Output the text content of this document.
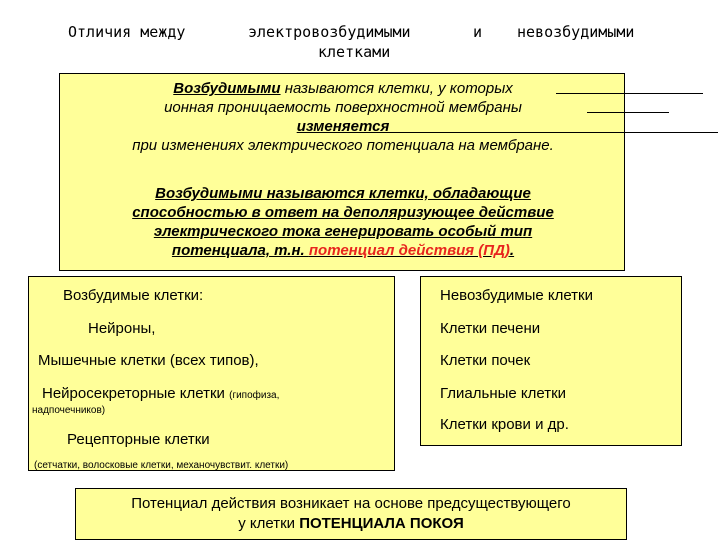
Отличия между	электровозбудимыми
клетками
и невозбудимыми
Возбудимыми называются клетки, у которых
ионная проницаемость поверхностной мембраны
изменяется
при изменениях электрического потенциала на мембране.
Возбудимыми называются клетки, обладающие
способностью в ответ на деполяризующее действие
электрического тока генерировать особый тип
потенциала, т.н. потенциал действия (ПД).
Возбудимые клетки:
Нейроны,
Мышечные клетки (всех типов),
Нейросекреторные клетки (гипофиза,
надпочечников)
Рецепторные клетки
(сетчатки, волосковые клетки, механочувствит. клетки)
Невозбудимые клетки
Клетки печени
Клетки почек
Глиальные клетки
Клетки крови и др.
Потенциал действия возникает на основе предсуществующего
у клетки ПОТЕНЦИАЛА ПОКОЯ
